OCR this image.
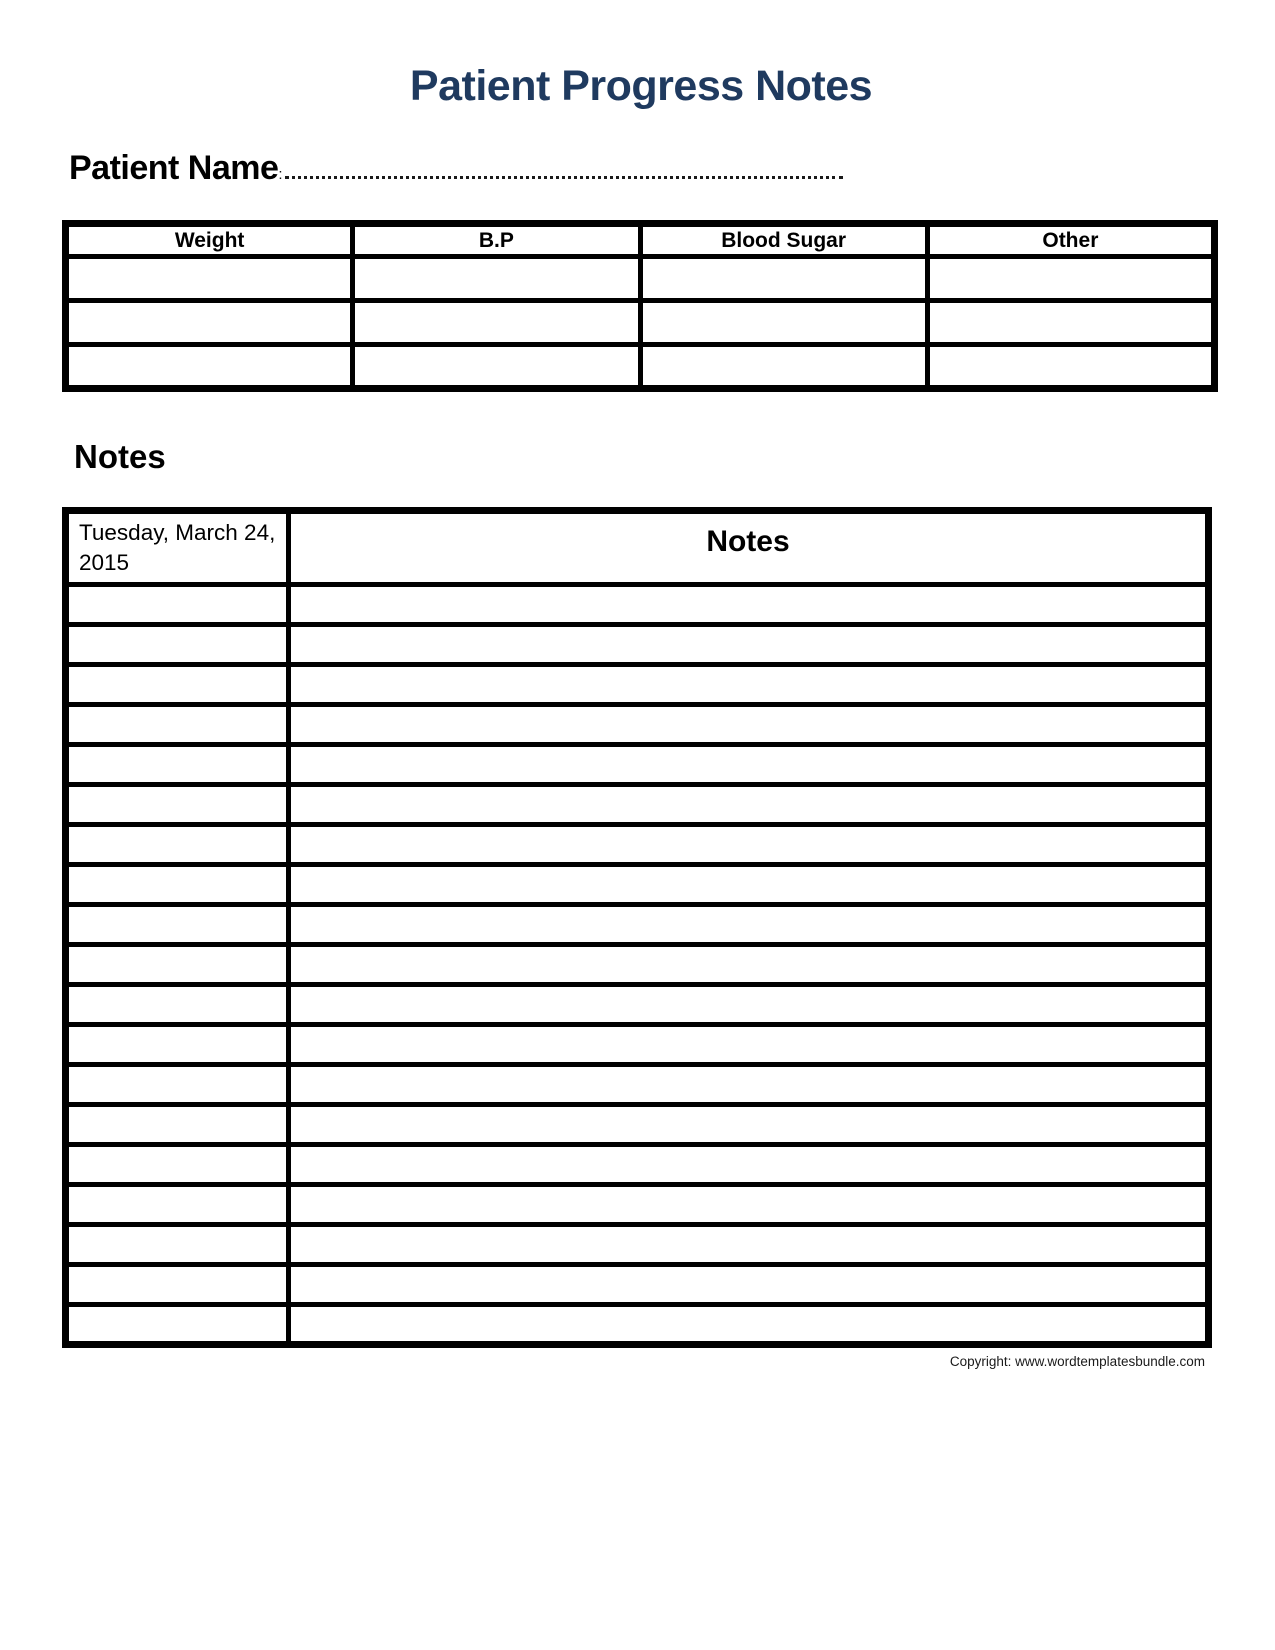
Patient Progress Notes
Patient Name:
Weight	B.P	Blood Sugar	Other

Notes
Tuesday, March 24, 2015	Notes

Copyright: www.wordtemplatesbundle.com
